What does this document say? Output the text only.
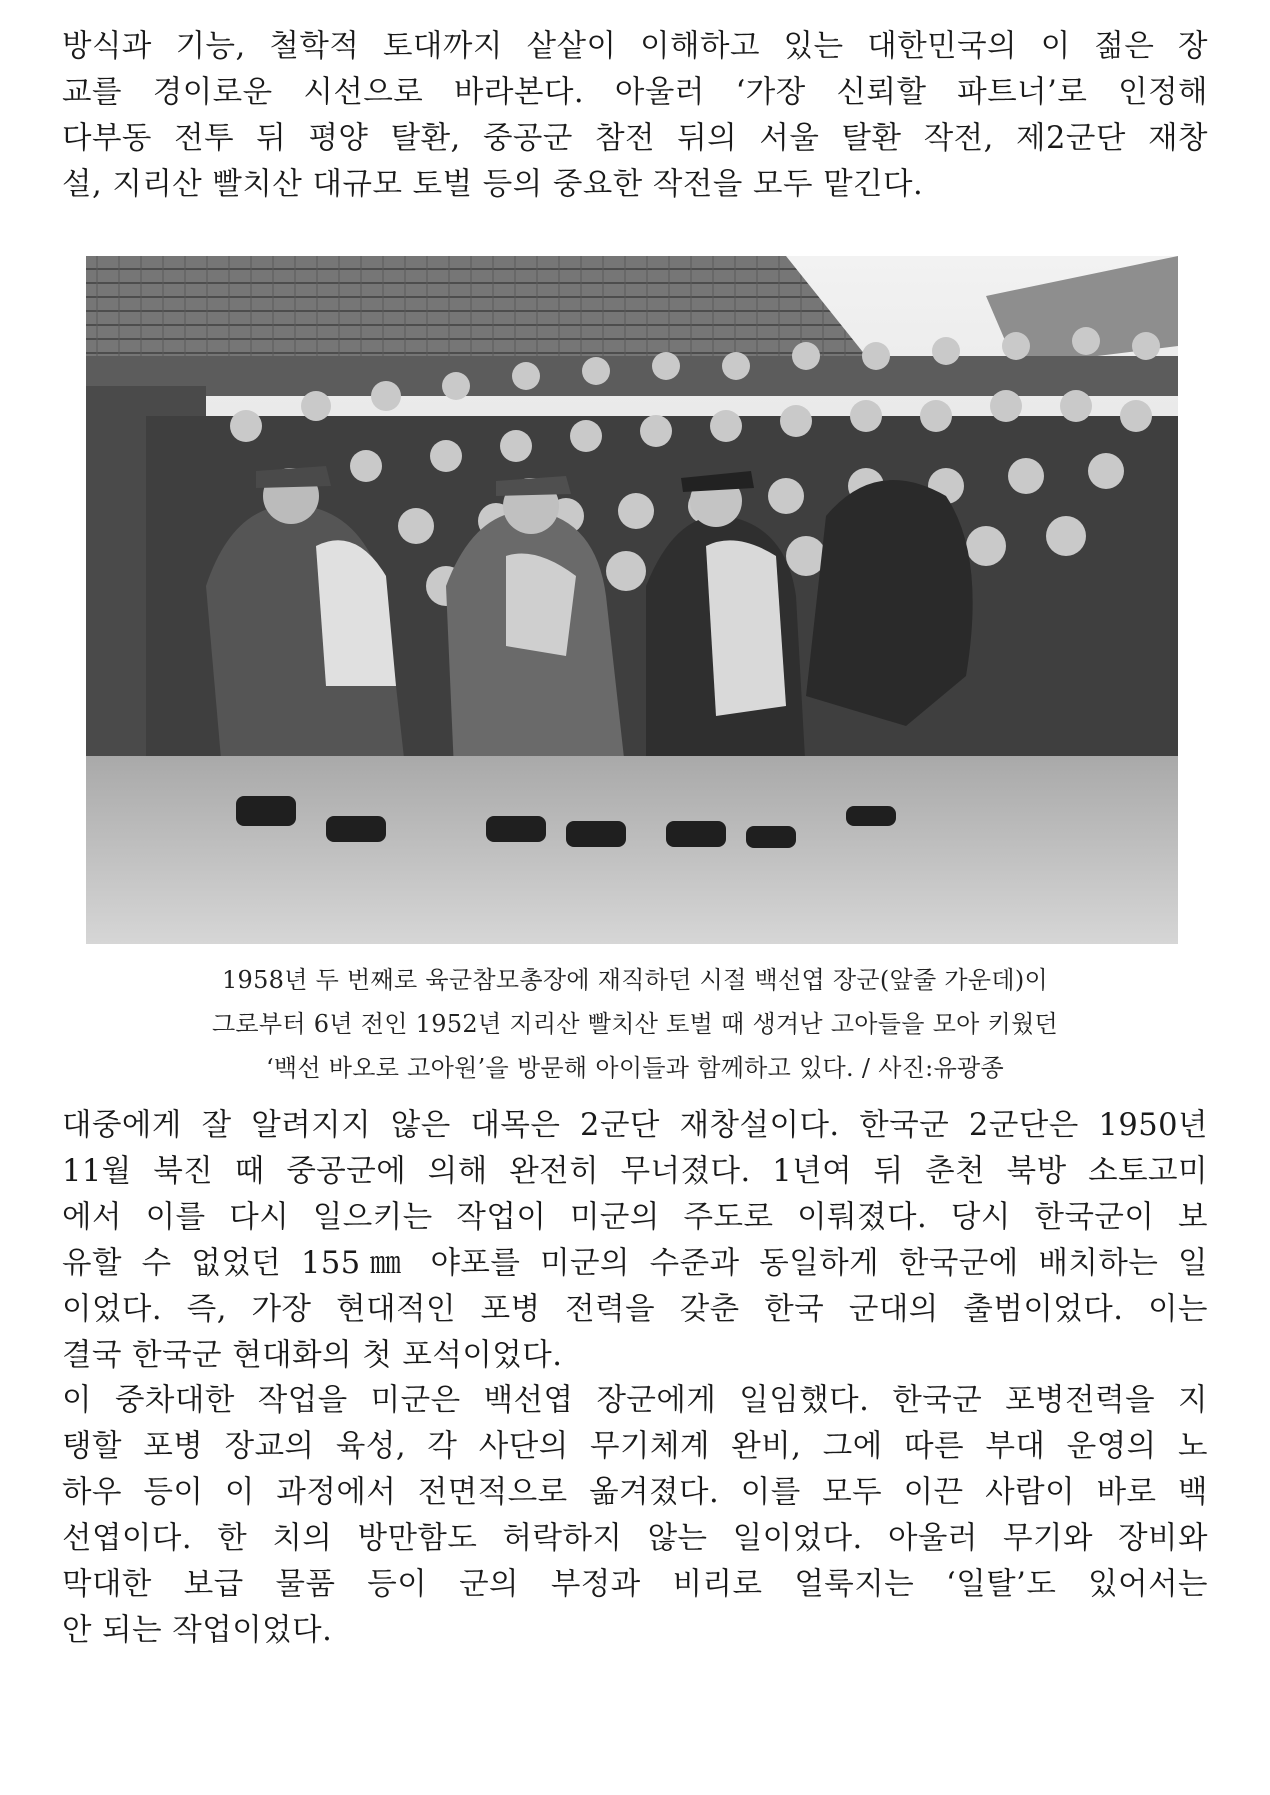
방식과 기능, 철학적 토대까지 샅샅이 이해하고 있는 대한민국의 이 젊은 장
교를 경이로운 시선으로 바라본다. 아울러 ‘가장 신뢰할 파트너’로 인정해
다부동 전투 뒤 평양 탈환, 중공군 참전 뒤의 서울 탈환 작전, 제2군단 재창
설, 지리산 빨치산 대규모 토벌 등의 중요한 작전을 모두 맡긴다.
1958년 두 번째로 육군참모총장에 재직하던 시절 백선엽 장군(앞줄 가운데)이
그로부터 6년 전인 1952년 지리산 빨치산 토벌 때 생겨난 고아들을 모아 키웠던
‘백선 바오로 고아원’을 방문해 아이들과 함께하고 있다. / 사진:유광종
대중에게 잘 알려지지 않은 대목은 2군단 재창설이다. 한국군 2군단은 1950년
11월 북진 때 중공군에 의해 완전히 무너졌다. 1년여 뒤 춘천 북방 소토고미
에서 이를 다시 일으키는 작업이 미군의 주도로 이뤄졌다. 당시 한국군이 보
유할 수 없었던 155㎜ 야포를 미군의 수준과 동일하게 한국군에 배치하는 일
이었다. 즉, 가장 현대적인 포병 전력을 갖춘 한국 군대의 출범이었다. 이는
결국 한국군 현대화의 첫 포석이었다.
이 중차대한 작업을 미군은 백선엽 장군에게 일임했다. 한국군 포병전력을 지
탱할 포병 장교의 육성, 각 사단의 무기체계 완비, 그에 따른 부대 운영의 노
하우 등이 이 과정에서 전면적으로 옮겨졌다. 이를 모두 이끈 사람이 바로 백
선엽이다. 한 치의 방만함도 허락하지 않는 일이었다. 아울러 무기와 장비와
막대한 보급 물품 등이 군의 부정과 비리로 얼룩지는 ‘일탈’도 있어서는
안 되는 작업이었다.
